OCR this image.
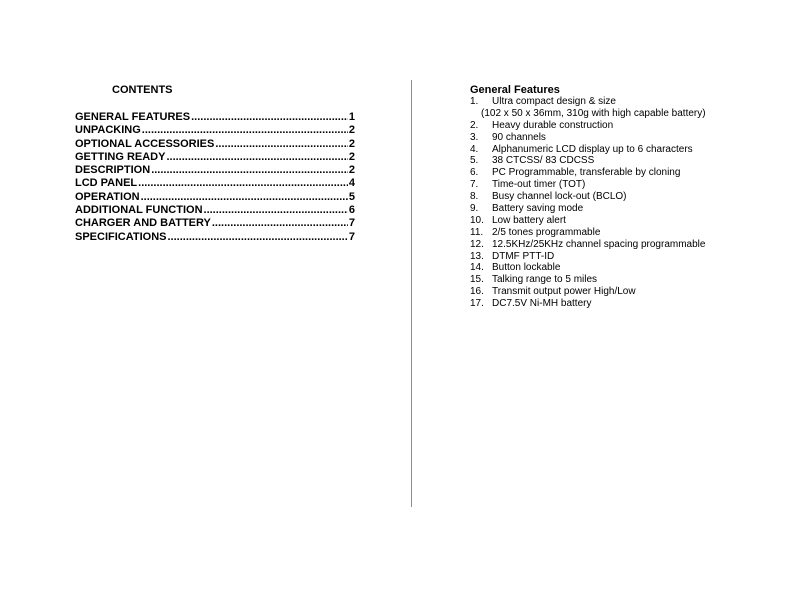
CONTENTS
GENERAL FEATURES .....	1
UNPACKING .....	2
OPTIONAL ACCESSORIES .....	2
GETTING READY .....	2
DESCRIPTION .....	2
LCD PANEL .....	4
OPERATION .....	5
ADDITIONAL FUNCTION .....	6
CHARGER AND BATTERY .....	7
SPECIFICATIONS .....	7
General Features
1.	Ultra compact design & size
(102 x 50 x 36mm, 310g with high capable battery)
2.	Heavy durable construction
3.	90 channels
4.	Alphanumeric LCD display up to 6 characters
5.	38 CTCSS/ 83 CDCSS
6.	PC Programmable, transferable by cloning
7.	Time-out timer (TOT)
8.	Busy channel lock-out (BCLO)
9.	Battery saving mode
10. Low battery alert
11. 2/5 tones programmable
12. 12.5KHz/25KHz channel spacing programmable
13. DTMF PTT-ID
14. Button lockable
15. Talking range to 5 miles
16. Transmit output power High/Low
17. DC7.5V Ni-MH battery
